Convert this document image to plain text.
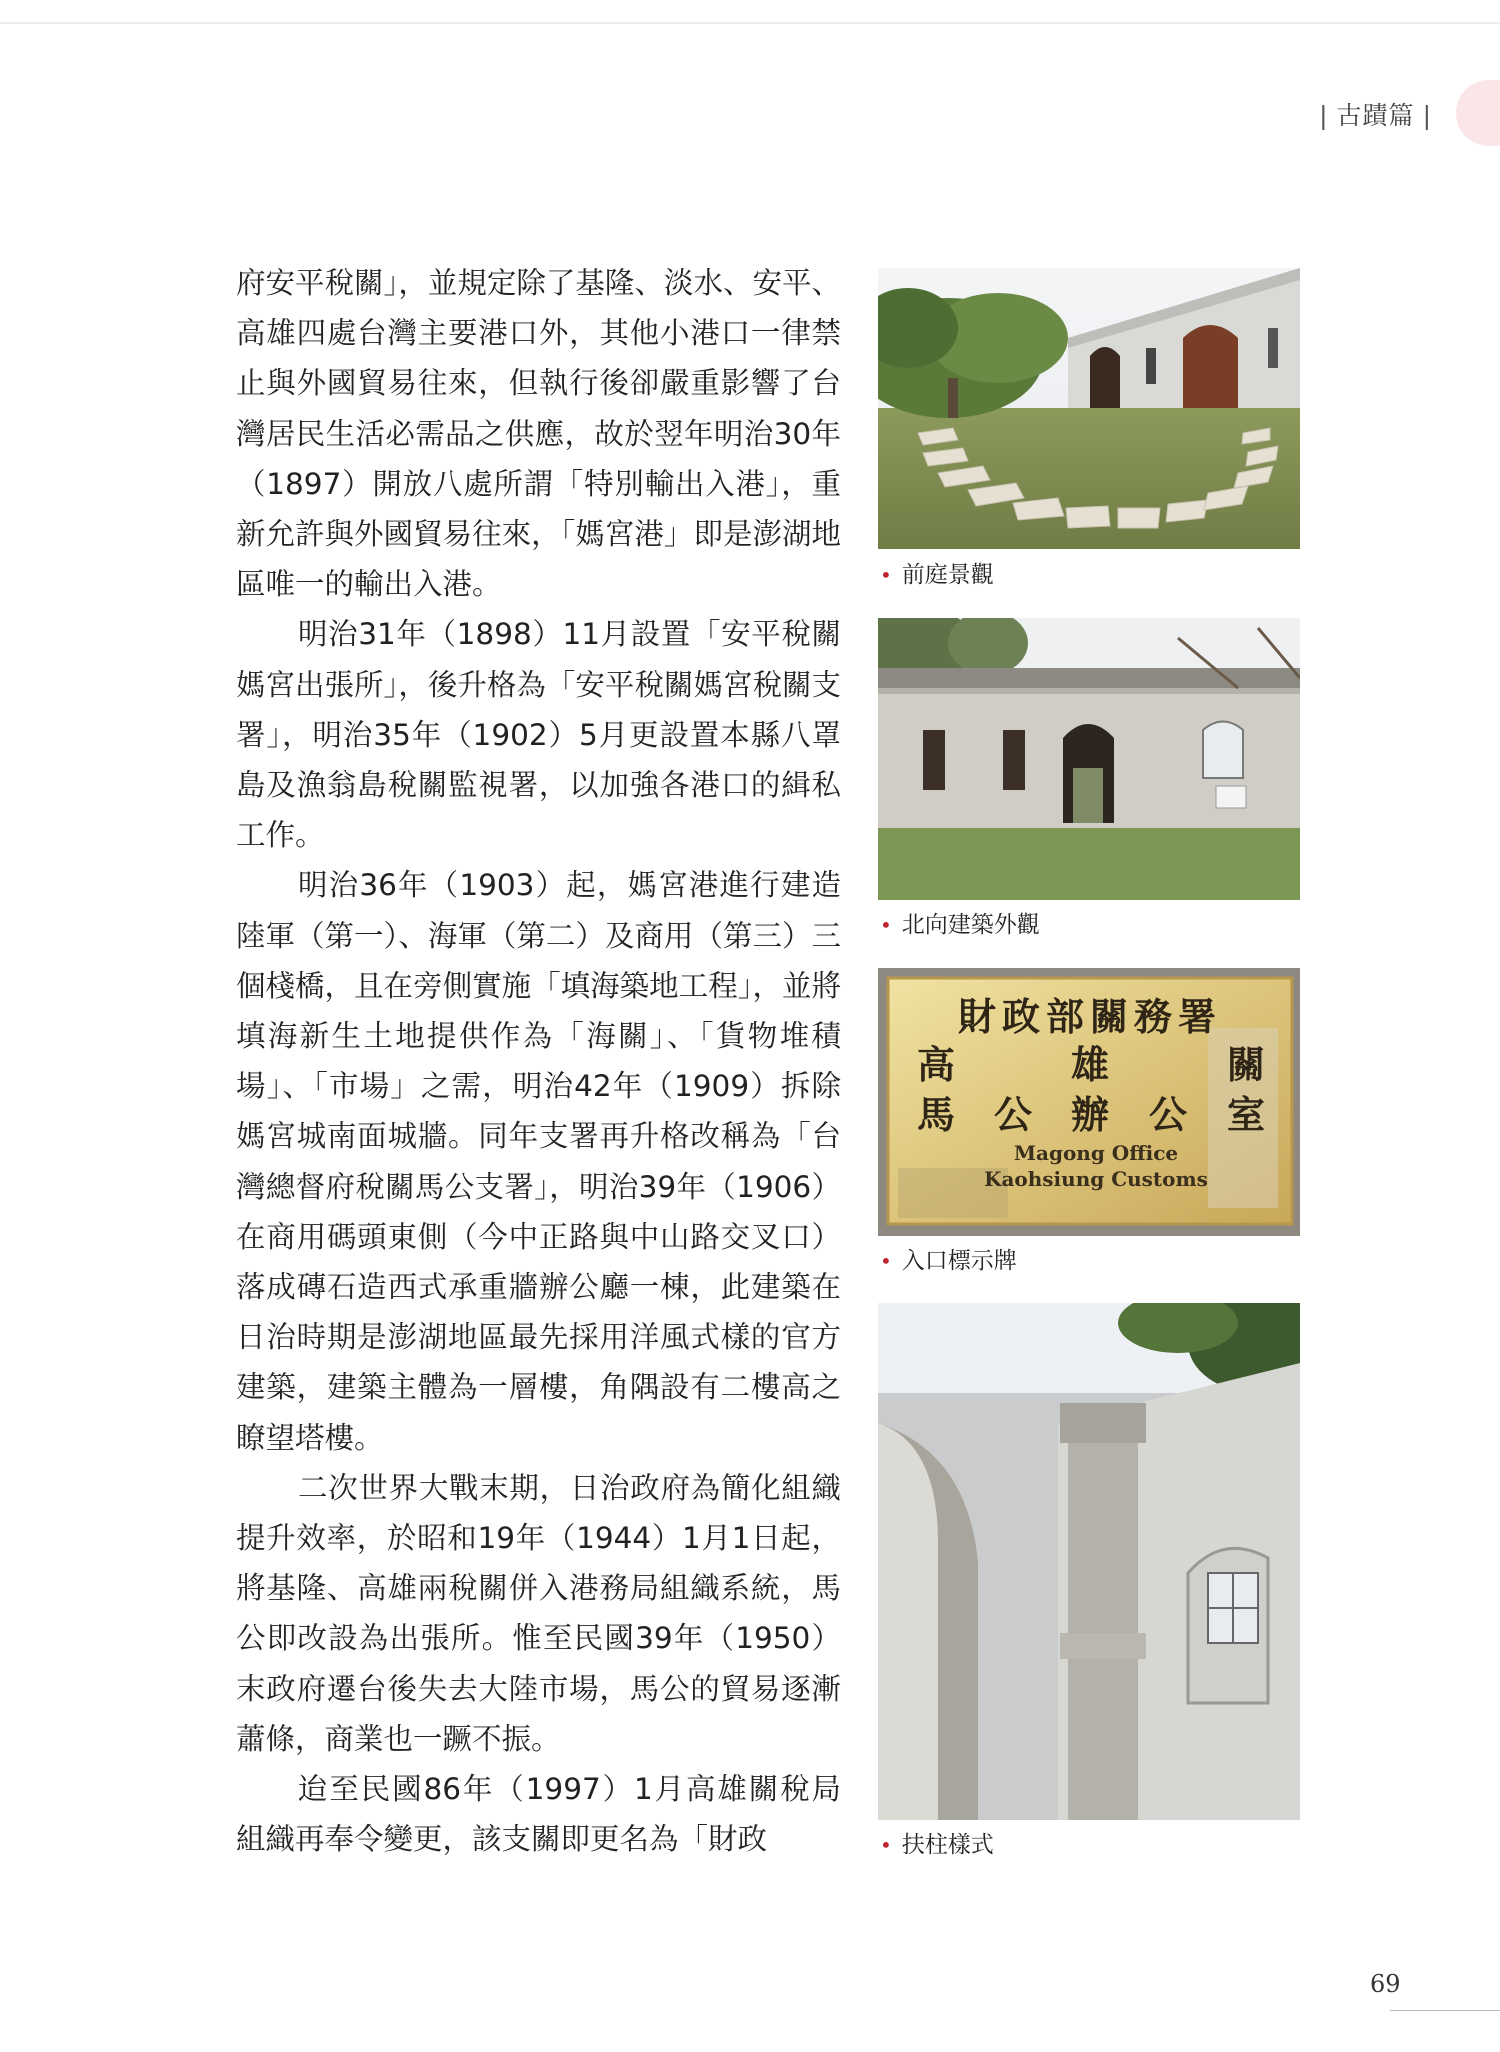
| 古蹟篇 |

府安平稅關」，並規定除了基隆、淡水、安平、高雄四處台灣主要港口外，其他小港口一律禁止與外國貿易往來，但執行後卻嚴重影響了台灣居民生活必需品之供應，故於翌年明治30年（1897）開放八處所謂「特別輸出入港」，重新允許與外國貿易往來，「媽宮港」即是澎湖地區唯一的輸出入港。

明治31年（1898）11月設置「安平稅關媽宮出張所」，後升格為「安平稅關媽宮稅關支署」，明治35年（1902）5月更設置本縣八罩島及漁翁島稅關監視署，以加強各港口的緝私工作。

明治36年（1903）起，媽宮港進行建造陸軍（第一）、海軍（第二）及商用（第三）三個棧橋，且在旁側實施「填海築地工程」，並將填海新生土地提供作為「海關」、「貨物堆積場」、「市場」之需，明治42年（1909）拆除媽宮城南面城牆。同年支署再升格改稱為「台灣總督府稅關馬公支署」，明治39年（1906）在商用碼頭東側（今中正路與中山路交叉口）落成磚石造西式承重牆辦公廳一棟，此建築在日治時期是澎湖地區最先採用洋風式樣的官方建築，建築主體為一層樓，角隅設有二樓高之瞭望塔樓。

二次世界大戰末期，日治政府為簡化組織提升效率，於昭和19年（1944）1月1日起，將基隆、高雄兩稅關併入港務局組織系統，馬公即改設為出張所。惟至民國39年（1950）末政府遷台後失去大陸市場，馬公的貿易逐漸蕭條，商業也一蹶不振。

迨至民國86年（1997）1月高雄關稅局組織再奉令變更，該支關即更名為「財政

• 前庭景觀
• 北向建築外觀
財政部關務署
高	雄	關
馬 公 辦 公 室
Magong Office
Kaohsiung Customs
• 入口標示牌
• 扶柱樣式
69
